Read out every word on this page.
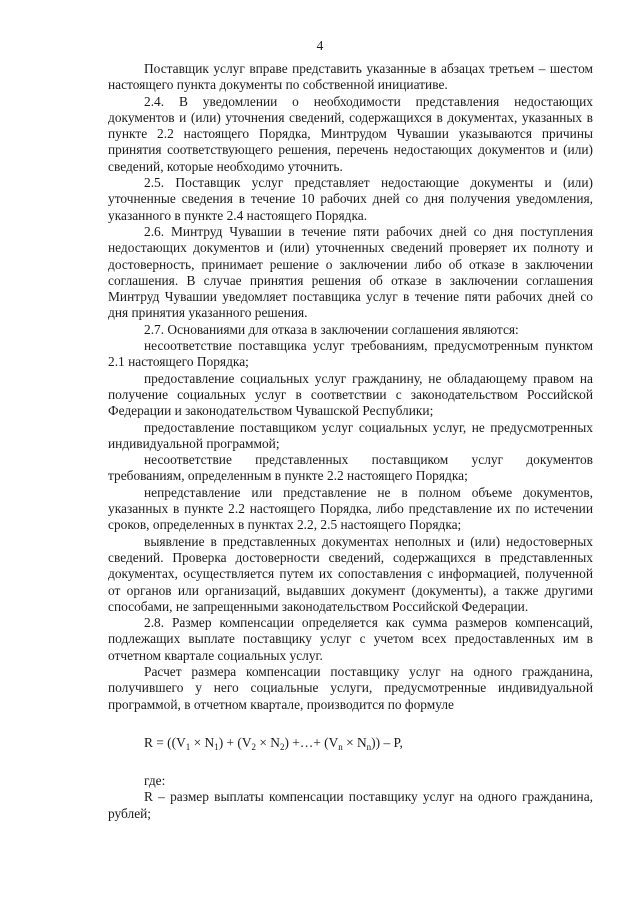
4

Поставщик услуг вправе представить указанные в абзацах третьем – шестом настоящего пункта документы по собственной инициативе.

2.4. В уведомлении о необходимости представления недостающих документов и (или) уточнения сведений, содержащихся в документах, указанных в пункте 2.2 настоящего Порядка, Минтрудом Чувашии указываются причины принятия соответствующего решения, перечень недостающих документов и (или) сведений, которые необходимо уточнить.

2.5. Поставщик услуг представляет недостающие документы и (или) уточненные сведения в течение 10 рабочих дней со дня получения уведомления, указанного в пункте 2.4 настоящего Порядка.

2.6. Минтруд Чувашии в течение пяти рабочих дней со дня поступления недостающих документов и (или) уточненных сведений проверяет их полноту и достоверность, принимает решение о заключении либо об отказе в заключении соглашения. В случае принятия решения об отказе в заключении соглашения Минтруд Чувашии уведомляет поставщика услуг в течение пяти рабочих дней со дня принятия указанного решения.

2.7. Основаниями для отказа в заключении соглашения являются:

несоответствие поставщика услуг требованиям, предусмотренным пунктом 2.1 настоящего Порядка;

предоставление социальных услуг гражданину, не обладающему правом на получение социальных услуг в соответствии с законодательством Российской Федерации и законодательством Чувашской Республики;

предоставление поставщиком услуг социальных услуг, не предусмотренных индивидуальной программой;

несоответствие представленных поставщиком услуг документов требованиям, определенным в пункте 2.2 настоящего Порядка;

непредставление или представление не в полном объеме документов, указанных в пункте 2.2 настоящего Порядка, либо представление их по истечении сроков, определенных в пунктах 2.2, 2.5 настоящего Порядка;

выявление в представленных документах неполных и (или) недостоверных сведений. Проверка достоверности сведений, содержащихся в представленных документах, осуществляется путем их сопоставления с информацией, полученной от органов или организаций, выдавших документ (документы), а также другими способами, не запрещенными законодательством Российской Федерации.

2.8. Размер компенсации определяется как сумма размеров компенсаций, подлежащих выплате поставщику услуг с учетом всех предоставленных им в отчетном квартале социальных услуг.

Расчет размера компенсации поставщику услуг на одного гражданина, получившего у него социальные услуги, предусмотренные индивидуальной программой, в отчетном квартале, производится по формуле

$R = ((V_1 \times N_1) + (V_2 \times N_2)$ +…+ $(V_n \times N_n)) - P$,

где:

R – размер выплаты компенсации поставщику услуг на одного гражданина, рублей;
